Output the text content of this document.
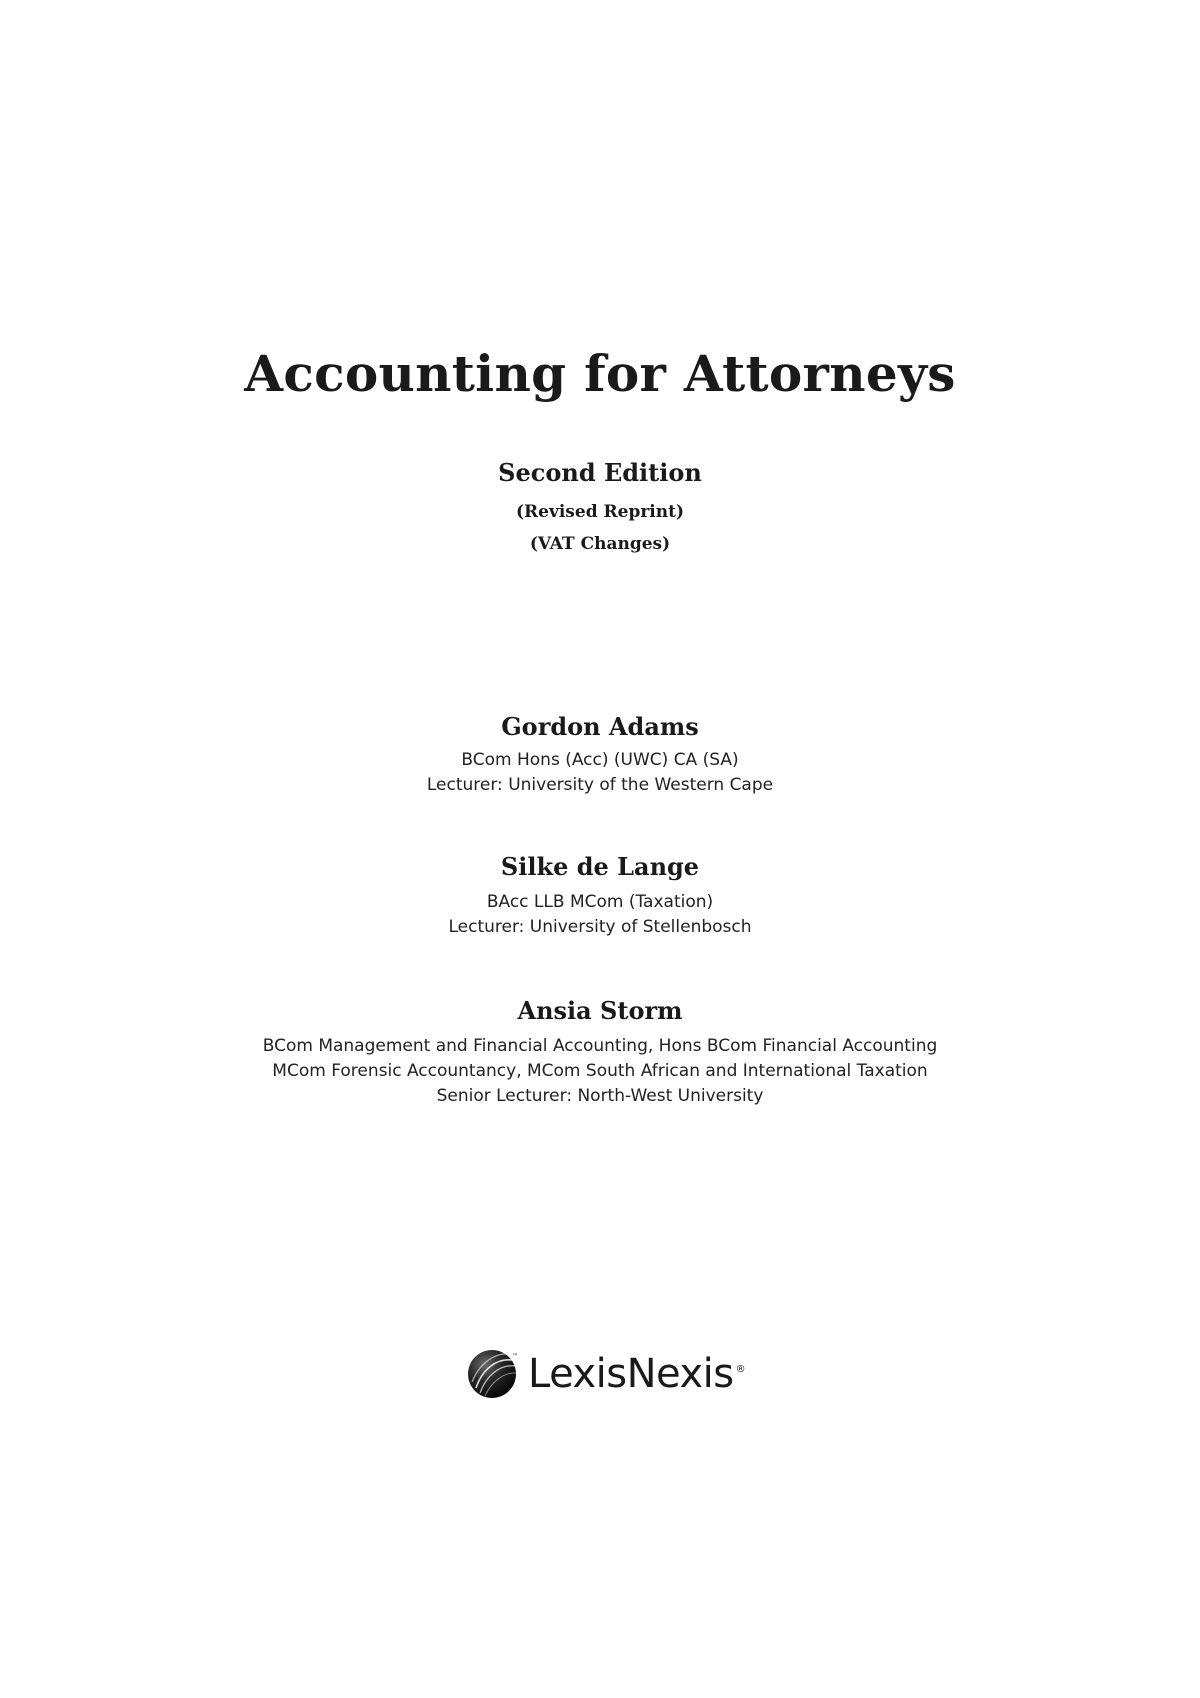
Accounting for Attorneys
Second Edition
(Revised Reprint)
(VAT Changes)
Gordon Adams
BCom Hons (Acc) (UWC) CA (SA)
Lecturer: University of the Western Cape
Silke de Lange
BAcc LLB MCom (Taxation)
Lecturer: University of Stellenbosch
Ansia Storm
BCom Management and Financial Accounting, Hons BCom Financial Accounting
MCom Forensic Accountancy, MCom South African and International Taxation
Senior Lecturer: North-West University
™ LexisNexis ®
